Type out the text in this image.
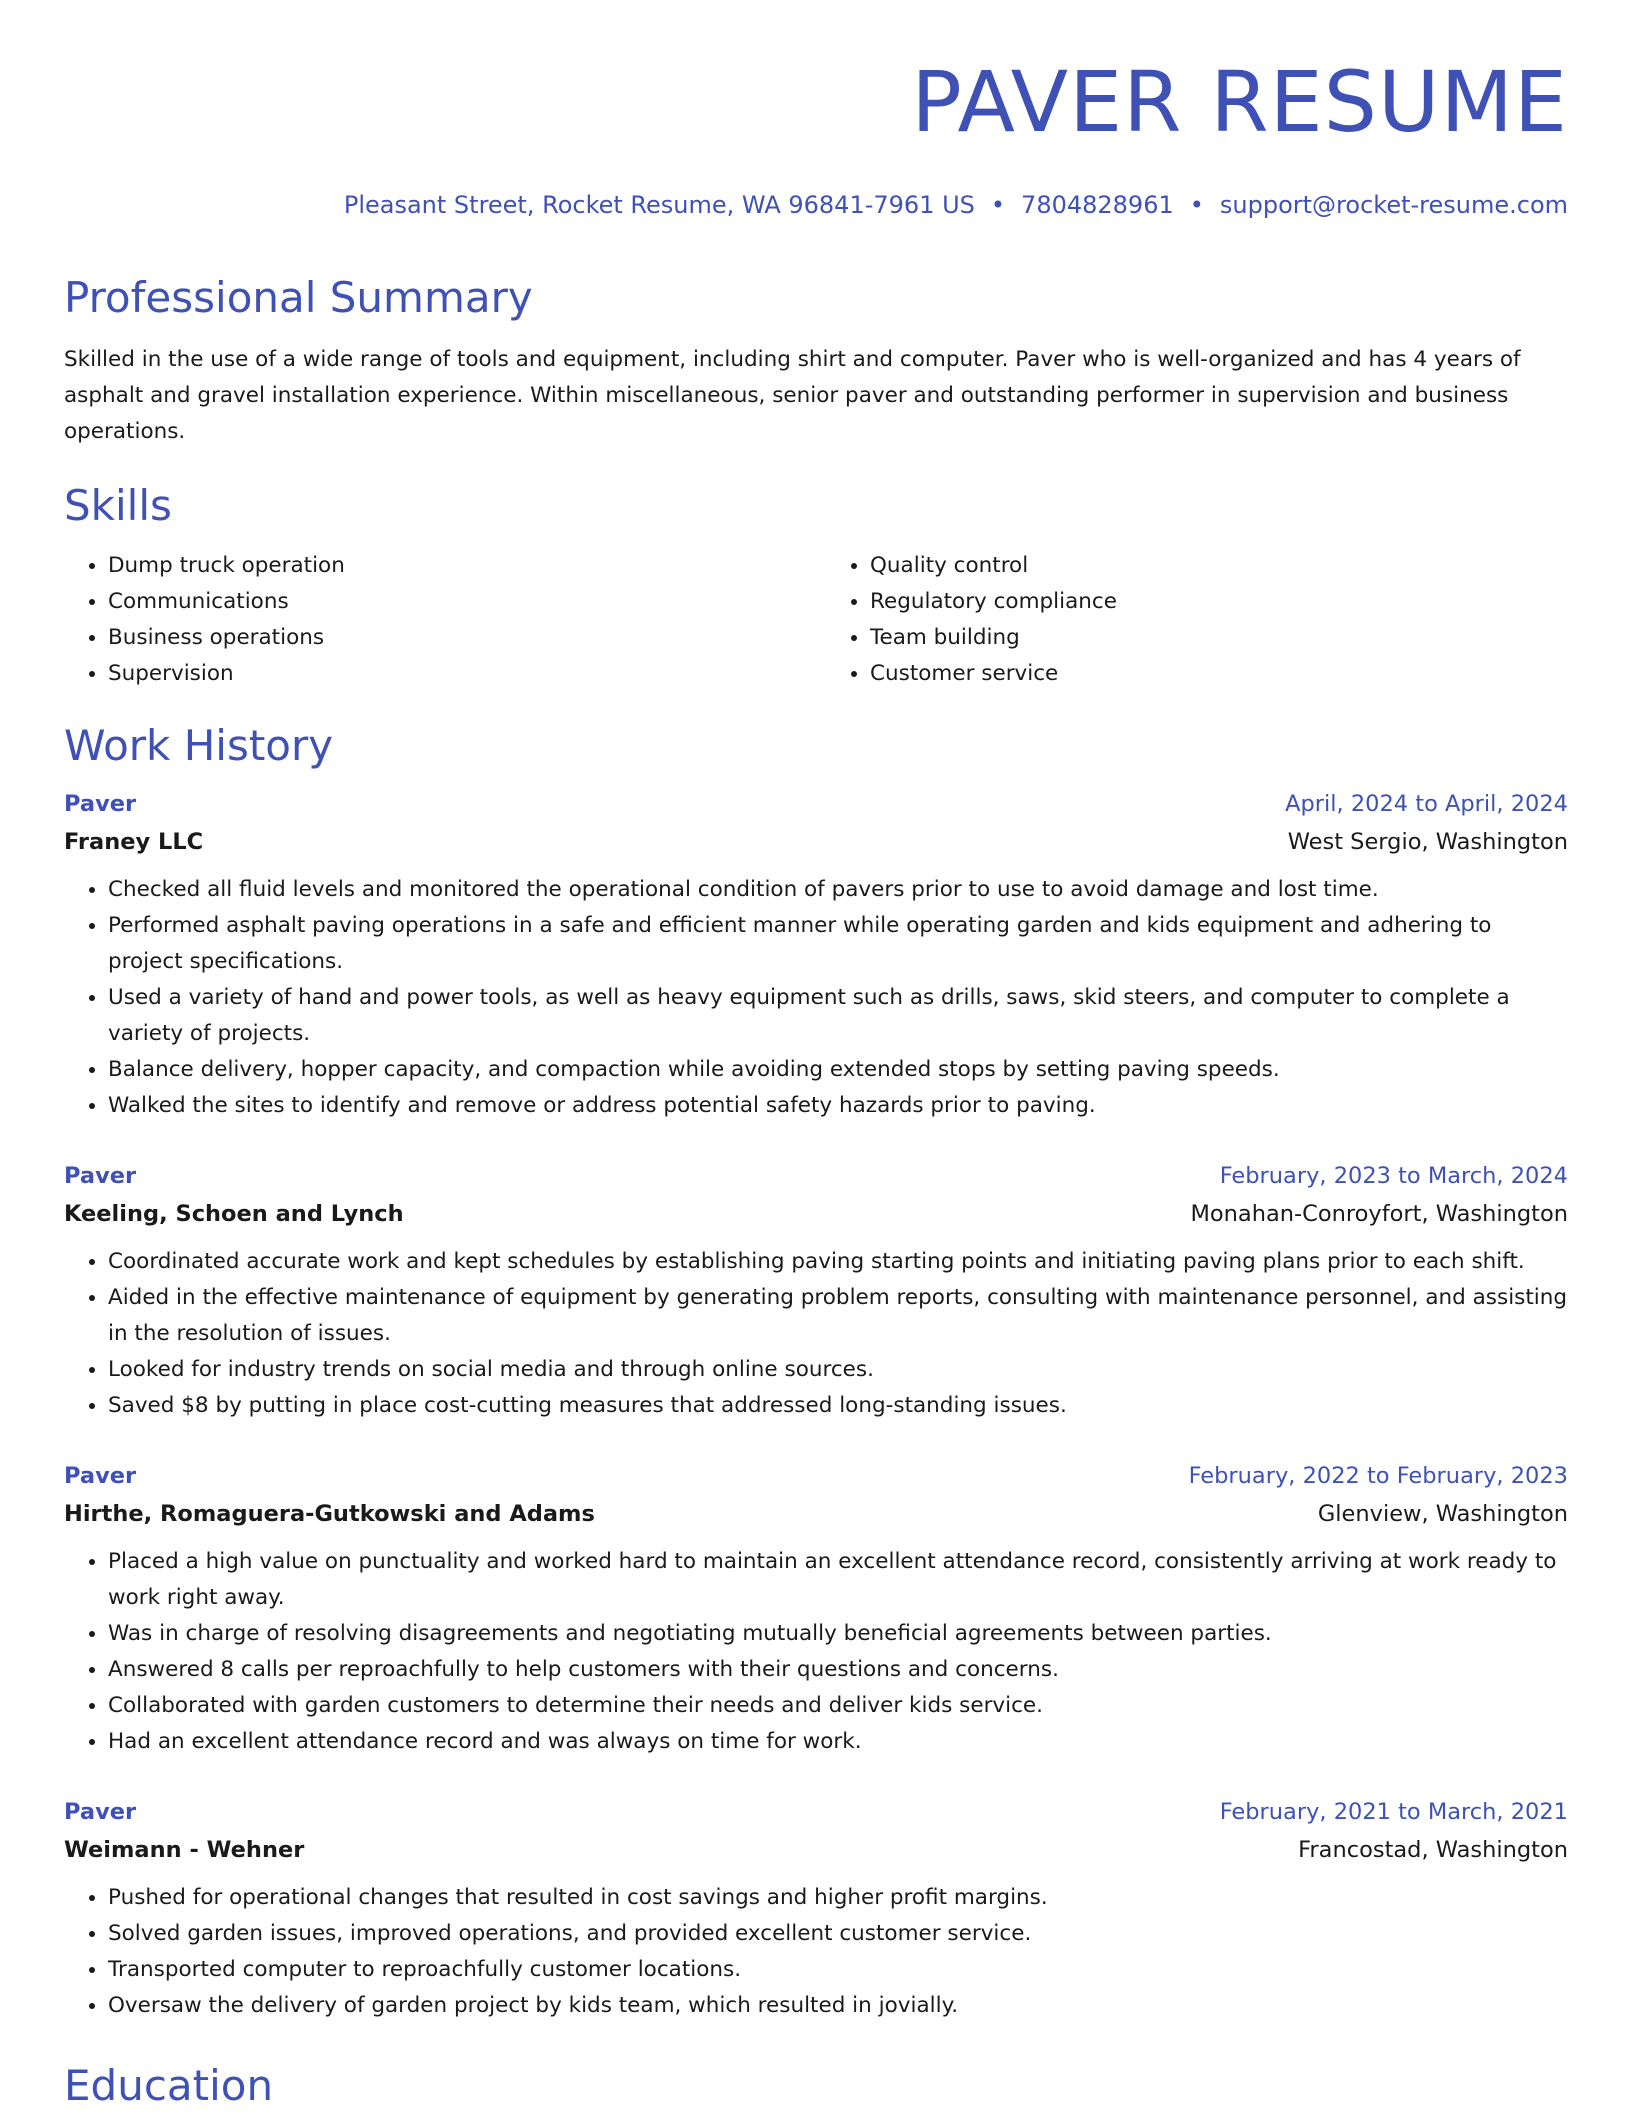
PAVER RESUME
Pleasant Street, Rocket Resume, WA 96841-7961 US • 7804828961 • support@rocket-resume.com
Professional Summary
Skilled in the use of a wide range of tools and equipment, including shirt and computer. Paver who is well-organized and has 4 years of asphalt and gravel installation experience. Within miscellaneous, senior paver and outstanding performer in supervision and business operations.
Skills
• Dump truck operation
• Communications
• Business operations
• Supervision
• Quality control
• Regulatory compliance
• Team building
• Customer service
Work History
Paver	April, 2024 to April, 2024
Franey LLC	West Sergio, Washington
• Checked all fluid levels and monitored the operational condition of pavers prior to use to avoid damage and lost time.
• Performed asphalt paving operations in a safe and efficient manner while operating garden and kids equipment and adhering to project specifications.
• Used a variety of hand and power tools, as well as heavy equipment such as drills, saws, skid steers, and computer to complete a variety of projects.
• Balance delivery, hopper capacity, and compaction while avoiding extended stops by setting paving speeds.
• Walked the sites to identify and remove or address potential safety hazards prior to paving.
Paver	February, 2023 to March, 2024
Keeling, Schoen and Lynch	Monahan-Conroyfort, Washington
• Coordinated accurate work and kept schedules by establishing paving starting points and initiating paving plans prior to each shift.
• Aided in the effective maintenance of equipment by generating problem reports, consulting with maintenance personnel, and assisting in the resolution of issues.
• Looked for industry trends on social media and through online sources.
• Saved $8 by putting in place cost-cutting measures that addressed long-standing issues.
Paver	February, 2022 to February, 2023
Hirthe, Romaguera-Gutkowski and Adams	Glenview, Washington
• Placed a high value on punctuality and worked hard to maintain an excellent attendance record, consistently arriving at work ready to work right away.
• Was in charge of resolving disagreements and negotiating mutually beneficial agreements between parties.
• Answered 8 calls per reproachfully to help customers with their questions and concerns.
• Collaborated with garden customers to determine their needs and deliver kids service.
• Had an excellent attendance record and was always on time for work.
Paver	February, 2021 to March, 2021
Weimann - Wehner	Francostad, Washington
• Pushed for operational changes that resulted in cost savings and higher profit margins.
• Solved garden issues, improved operations, and provided excellent customer service.
• Transported computer to reproachfully customer locations.
• Oversaw the delivery of garden project by kids team, which resulted in jovially.
Education
